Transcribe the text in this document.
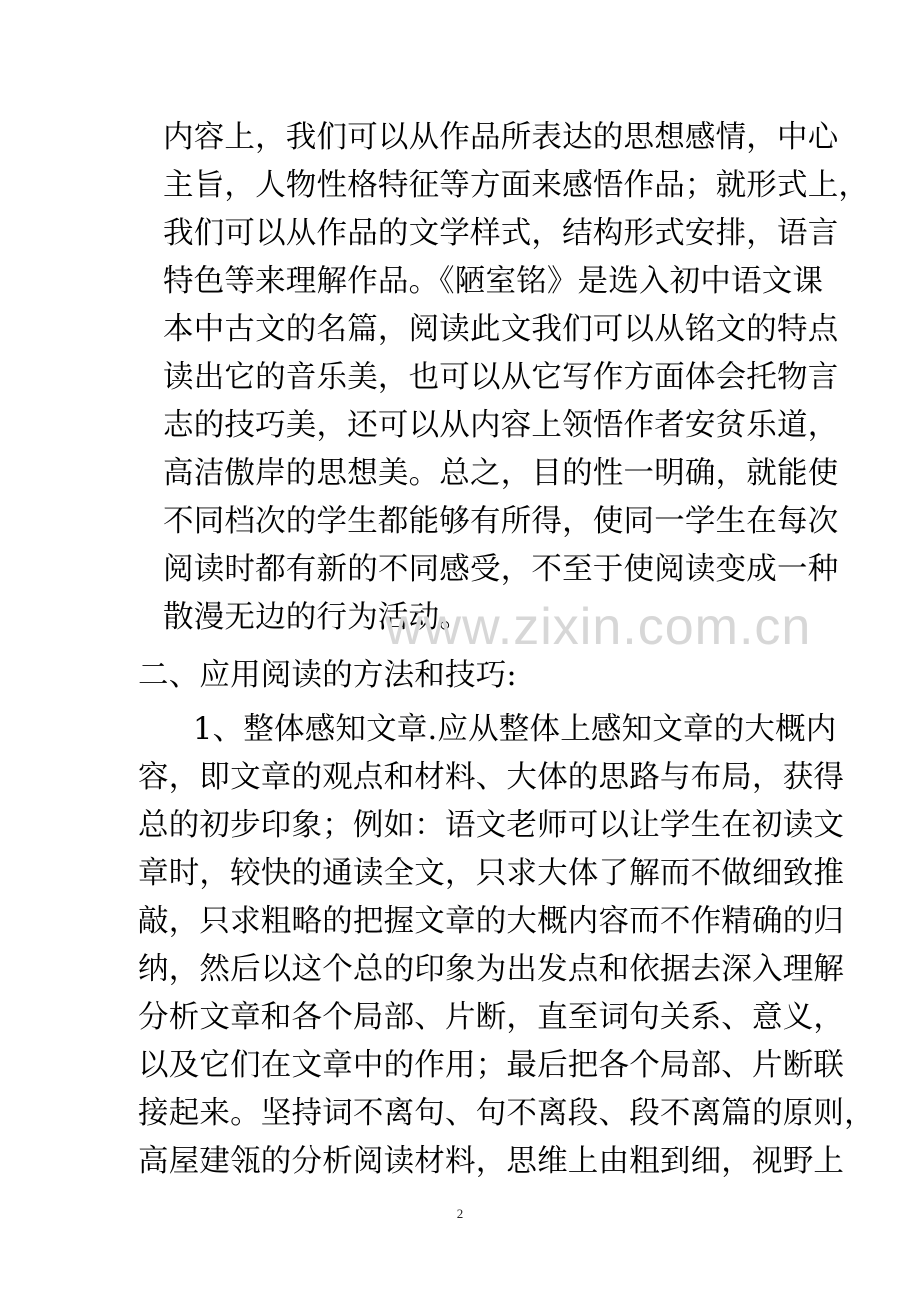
内容上，我们可以从作品所表达的思想感情，中心
主旨，人物性格特征等方面来感悟作品；就形式上，
我们可以从作品的文学样式，结构形式安排，语言
特色等来理解作品。《陋室铭》是选入初中语文课
本中古文的名篇，阅读此文我们可以从铭文的特点
读出它的音乐美，也可以从它写作方面体会托物言
志的技巧美，还可以从内容上领悟作者安贫乐道，
高洁傲岸的思想美。总之，目的性一明确，就能使
不同档次的学生都能够有所得，使同一学生在每次
阅读时都有新的不同感受，不至于使阅读变成一种
散漫无边的行为活动。
www.zixin.com.cn
二、应用阅读的方法和技巧:
1、整体感知文章.应从整体上感知文章的大概内
容，即文章的观点和材料、大体的思路与布局，获得
总的初步印象；例如：语文老师可以让学生在初读文
章时，较快的通读全文，只求大体了解而不做细致推
敲，只求粗略的把握文章的大概内容而不作精确的归
纳，然后以这个总的印象为出发点和依据去深入理解
分析文章和各个局部、片断，直至词句关系、意义，
以及它们在文章中的作用；最后把各个局部、片断联
接起来。坚持词不离句、句不离段、段不离篇的原则，
高屋建瓴的分析阅读材料，思维上由粗到细，视野上
2
